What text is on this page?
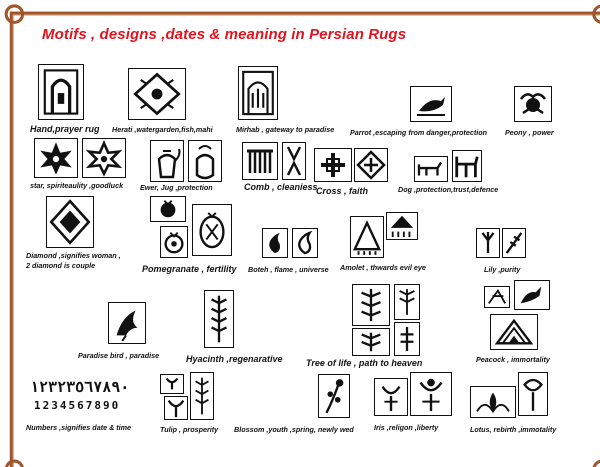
Motifs , designs ,dates & meaning in Persian Rugs
Hand,prayer rug Herati ,watergarden,fish,mahi	Mirhab , gateway to paradise Parrot ,escaping from danger,protection	Peony , power
star, spiriteaulity ,goodluck Ewer, Jug ,protection	Comb , cleaniess
Cross , faith	Dog ,protection,trust,defence
Diamond ,signifies woman ,
2 diamond is couple	Pomegranate , fertility Boteh , flame , universe Amolet , thwards evil eye	Lily ,purity
Paradise bird , paradise	Hyacinth ,regenarative	Tree of life , path to heaven	Peacock , immortality
١٢٣٢٣٥٦٧٨٩٠
1234567890
Numbers ,signifies date & time	Tulip , prosperity Blossom ,youth ,spring, newly wed	Iris ,religon ,liberty	Lotus, rebirth ,immotality
